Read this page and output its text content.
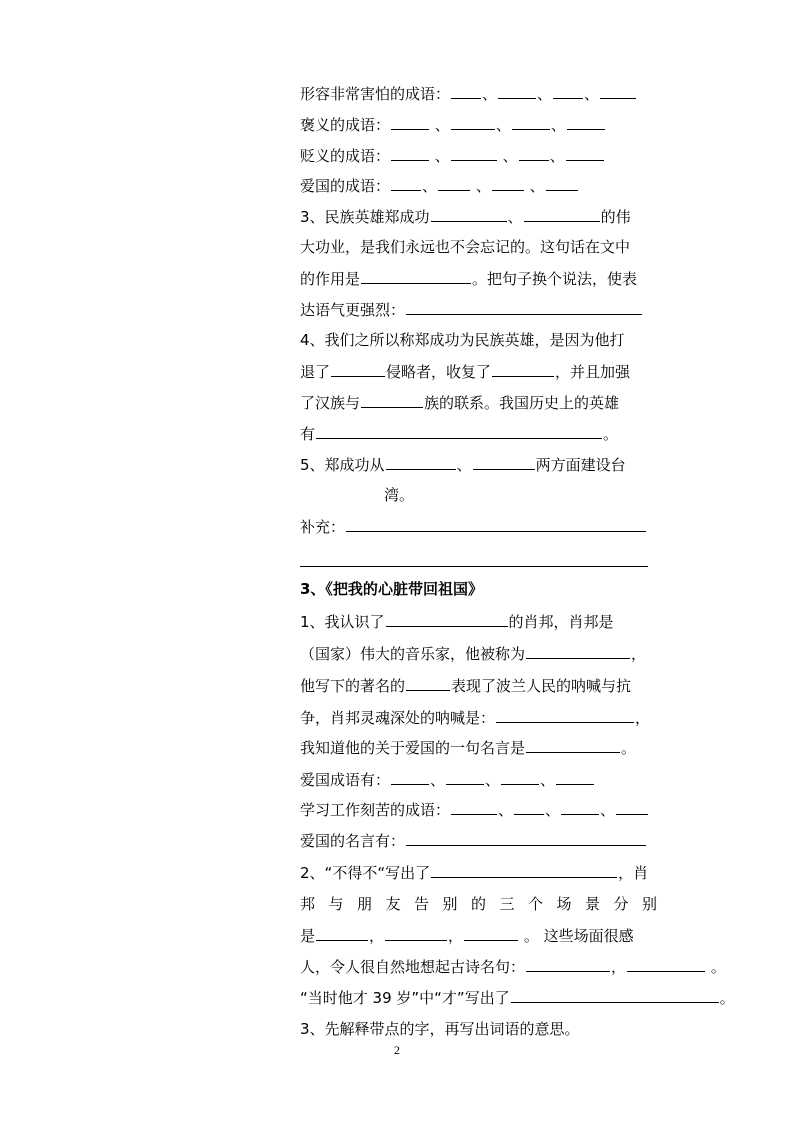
形容非常害怕的成语： 、	、 、
褒义的成语：	、	、	、
贬义的成语：	、	、 、
爱国的成语： 、	、	、
3、民族英雄郑成功	、	的伟
大功业，是我们永远也不会忘记的。这句话在文中
的作用是	。把句子换个说法，使表
达语气更强烈：
4、我们之所以称郑成功为民族英雄，是因为他打
退了	侵略者，收复了	，并且加强
了汉族与	族的联系。我国历史上的英雄
有	。
5、郑成功从	、	两方面建设台
湾。
补充：
3、《把我的心脏带回祖国》
1、我认识了	的肖邦，肖邦是
（国家）伟大的音乐家，他被称为	，
他写下的著名的	表现了波兰人民的呐喊与抗
争，肖邦灵魂深处的呐喊是：	，
我知道他的关于爱国的一句名言是	。
爱国成语有：	、	、	、
学习工作刻苦的成语：	、 、	、
爱国的名言有：
2、“不得不“写出了	，肖
邦与朋友告别的三个场景分别
是	，	，	。 这些场面很感
人，令人很自然地想起古诗名句：	，	。
“当时他才 39 岁”中“才”写出了	。
3、先解释带点的字，再写出词语的意思。
2
